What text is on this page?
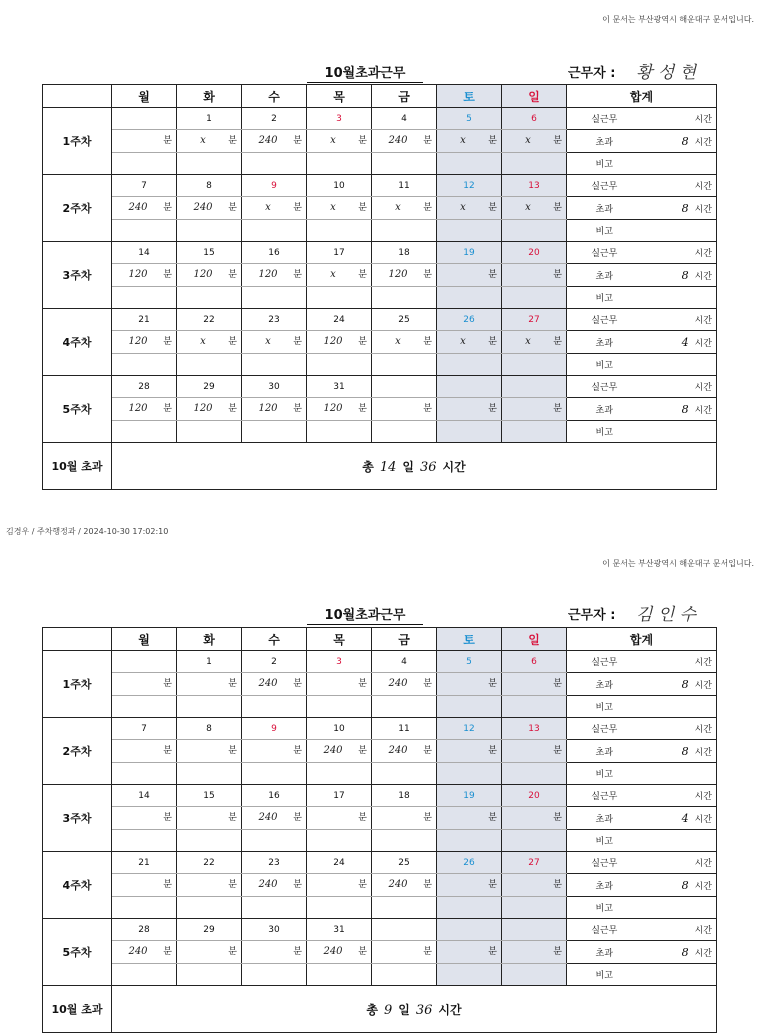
이 문서는 부산광역시 해운대구 문서입니다.
10월초과근무	근무자 : 황 성 현
	월	화	수	목	금	토	일	합계	
1주차		1	2	3	4	5	6	실근무	시간

	분	x 분	240 분	x 분	240 분	x 분	x 분	초과	8 시간
								비고	
2주차	7	8	9	10	11	12	13	실근무	시간

	240 분	240 분	x 분	x 분	x 분	x 분	x 분	초과	8 시간
								비고	
3주차	14	15	16	17	18	19	20	실근무	시간

	120 분	120 분	120 분	x 분	120 분	분	분	초과	8 시간
								비고	
4주차	21	22	23	24	25	26	27	실근무	시간

	120 분	x 분	x 분	120 분	x 분	x 분	x 분	초과	4 시간
								비고	
5주차	28	29	30	31				실근무	시간

	120 분	120 분	120 분	120 분	분	분	분	초과	8 시간
								비고	
10월 초과	총 14 일 36 시간								
김경우 / 주차행정과 / 2024-10-30 17:02:10
이 문서는 부산광역시 해운대구 문서입니다.
10월초과근무	근무자 : 김 인 수
	월	화	수	목	금	토	일	합계	
1주차		1	2	3	4	5	6	실근무	시간

	분	분	240 분	분	240 분	분	분	초과	8 시간
								비고	
2주차	7	8	9	10	11	12	13	실근무	시간

	분	분	분	240 분	240 분	분	분	초과	8 시간
								비고	
3주차	14	15	16	17	18	19	20	실근무	시간

	분	분	240 분	분	분	분	분	초과	4 시간
								비고	
4주차	21	22	23	24	25	26	27	실근무	시간

	분	분	240 분	분	240 분	분	분	초과	8 시간
								비고	
5주차	28	29	30	31				실근무	시간

	240 분	분	분	240 분	분	분	분	초과	8 시간
								비고	
10월 초과	총 9 일 36 시간								
